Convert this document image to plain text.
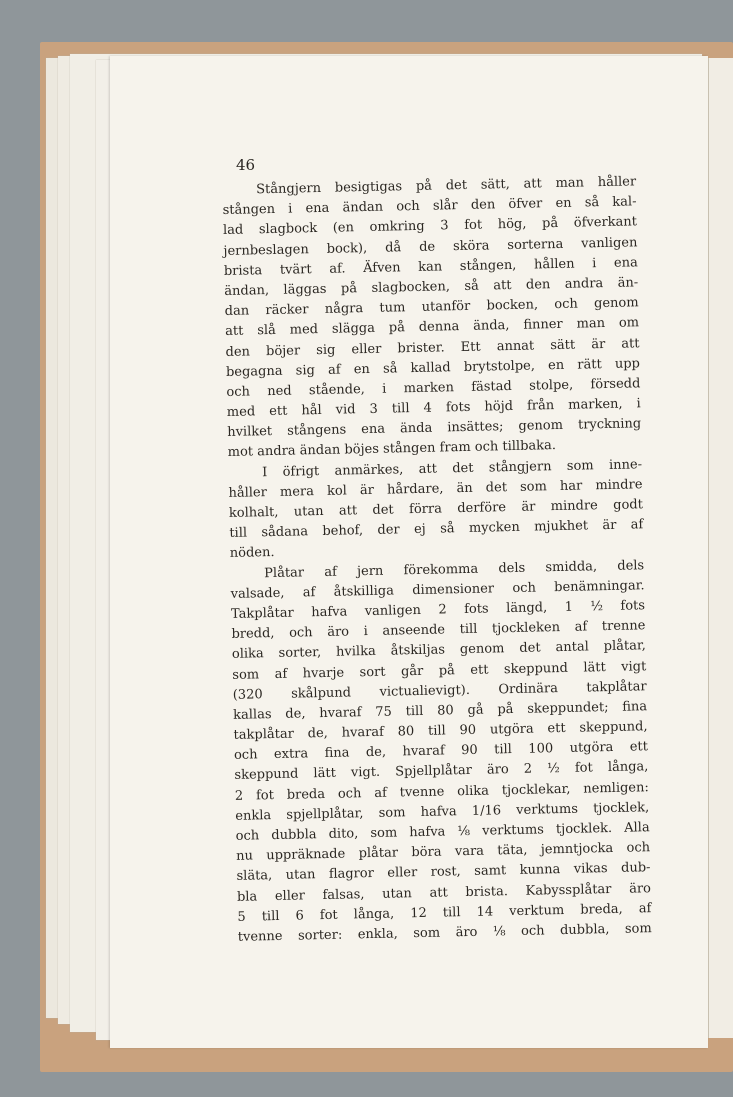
46
Stångjern besigtigas på det sätt, att man håller
stången i ena ändan och slår den öfver en så kal-
lad slagbock (en omkring 3 fot hög, på öfverkant
jernbeslagen bock), då de sköra sorterna vanligen
brista tvärt af. Äfven kan stången, hållen i ena
ändan, läggas på slagbocken, så att den andra än-
dan räcker några tum utanför bocken, och genom
att slå med slägga på denna ända, finner man om
den böjer sig eller brister. Ett annat sätt är att
begagna sig af en så kallad brytstolpe, en rätt upp
och ned stående, i marken fästad stolpe, försedd
med ett hål vid 3 till 4 fots höjd från marken, i
hvilket stångens ena ända insättes; genom tryckning
mot andra ändan böjes stången fram och tillbaka.
I öfrigt anmärkes, att det stångjern som inne-
håller mera kol är hårdare, än det som har mindre
kolhalt, utan att det förra derföre är mindre godt
till sådana behof, der ej så mycken mjukhet är af
nöden.
Plåtar af jern förekomma dels smidda, dels
valsade, af åtskilliga dimensioner och benämningar.
Takplåtar hafva vanligen 2 fots längd, 1 ½ fots
bredd, och äro i anseende till tjockleken af trenne
olika sorter, hvilka åtskiljas genom det antal plåtar,
som af hvarje sort går på ett skeppund lätt vigt
(320 skålpund victualievigt). Ordinära takplåtar
kallas de, hvaraf 75 till 80 gå på skeppundet; fina
takplåtar de, hvaraf 80 till 90 utgöra ett skeppund,
och extra fina de, hvaraf 90 till 100 utgöra ett
skeppund lätt vigt. Spjellplåtar äro 2 ½ fot långa,
2 fot breda och af tvenne olika tjocklekar, nemligen:
enkla spjellplåtar, som hafva 1/16 verktums tjocklek,
och dubbla dito, som hafva ⅛ verktums tjocklek. Alla
nu uppräknade plåtar böra vara täta, jemntjocka och
släta, utan flagror eller rost, samt kunna vikas dub-
bla eller falsas, utan att brista. Kabyssplåtar äro
5 till 6 fot långa, 12 till 14 verktum breda, af
tvenne sorter: enkla, som äro ⅛ och dubbla, som
